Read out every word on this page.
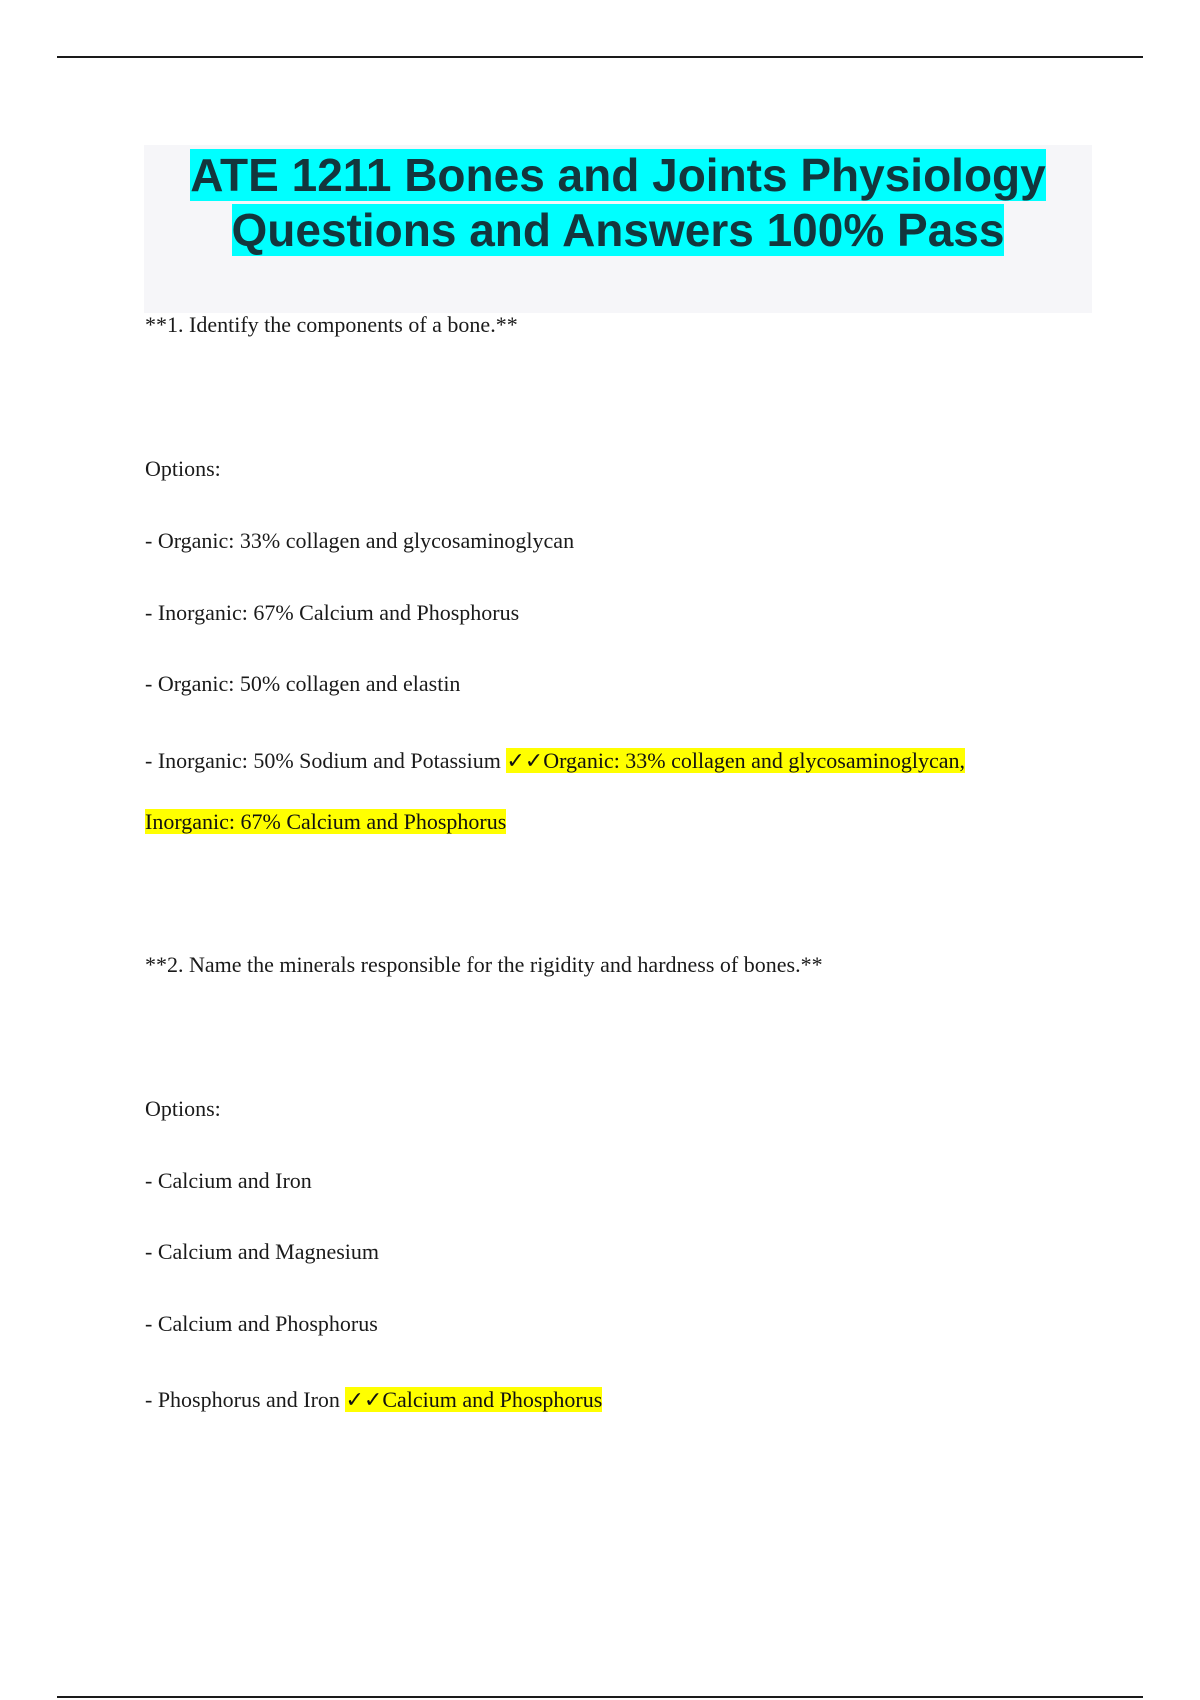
ATE 1211 Bones and Joints Physiology
Questions and Answers 100% Pass
**1. Identify the components of a bone.**
Options:
- Organic: 33% collagen and glycosaminoglycan
- Inorganic: 67% Calcium and Phosphorus
- Organic: 50% collagen and elastin
- Inorganic: 50% Sodium and Potassium ✓✓Organic: 33% collagen and glycosaminoglycan,
Inorganic: 67% Calcium and Phosphorus
**2. Name the minerals responsible for the rigidity and hardness of bones.**
Options:
- Calcium and Iron
- Calcium and Magnesium
- Calcium and Phosphorus
- Phosphorus and Iron ✓✓Calcium and Phosphorus
